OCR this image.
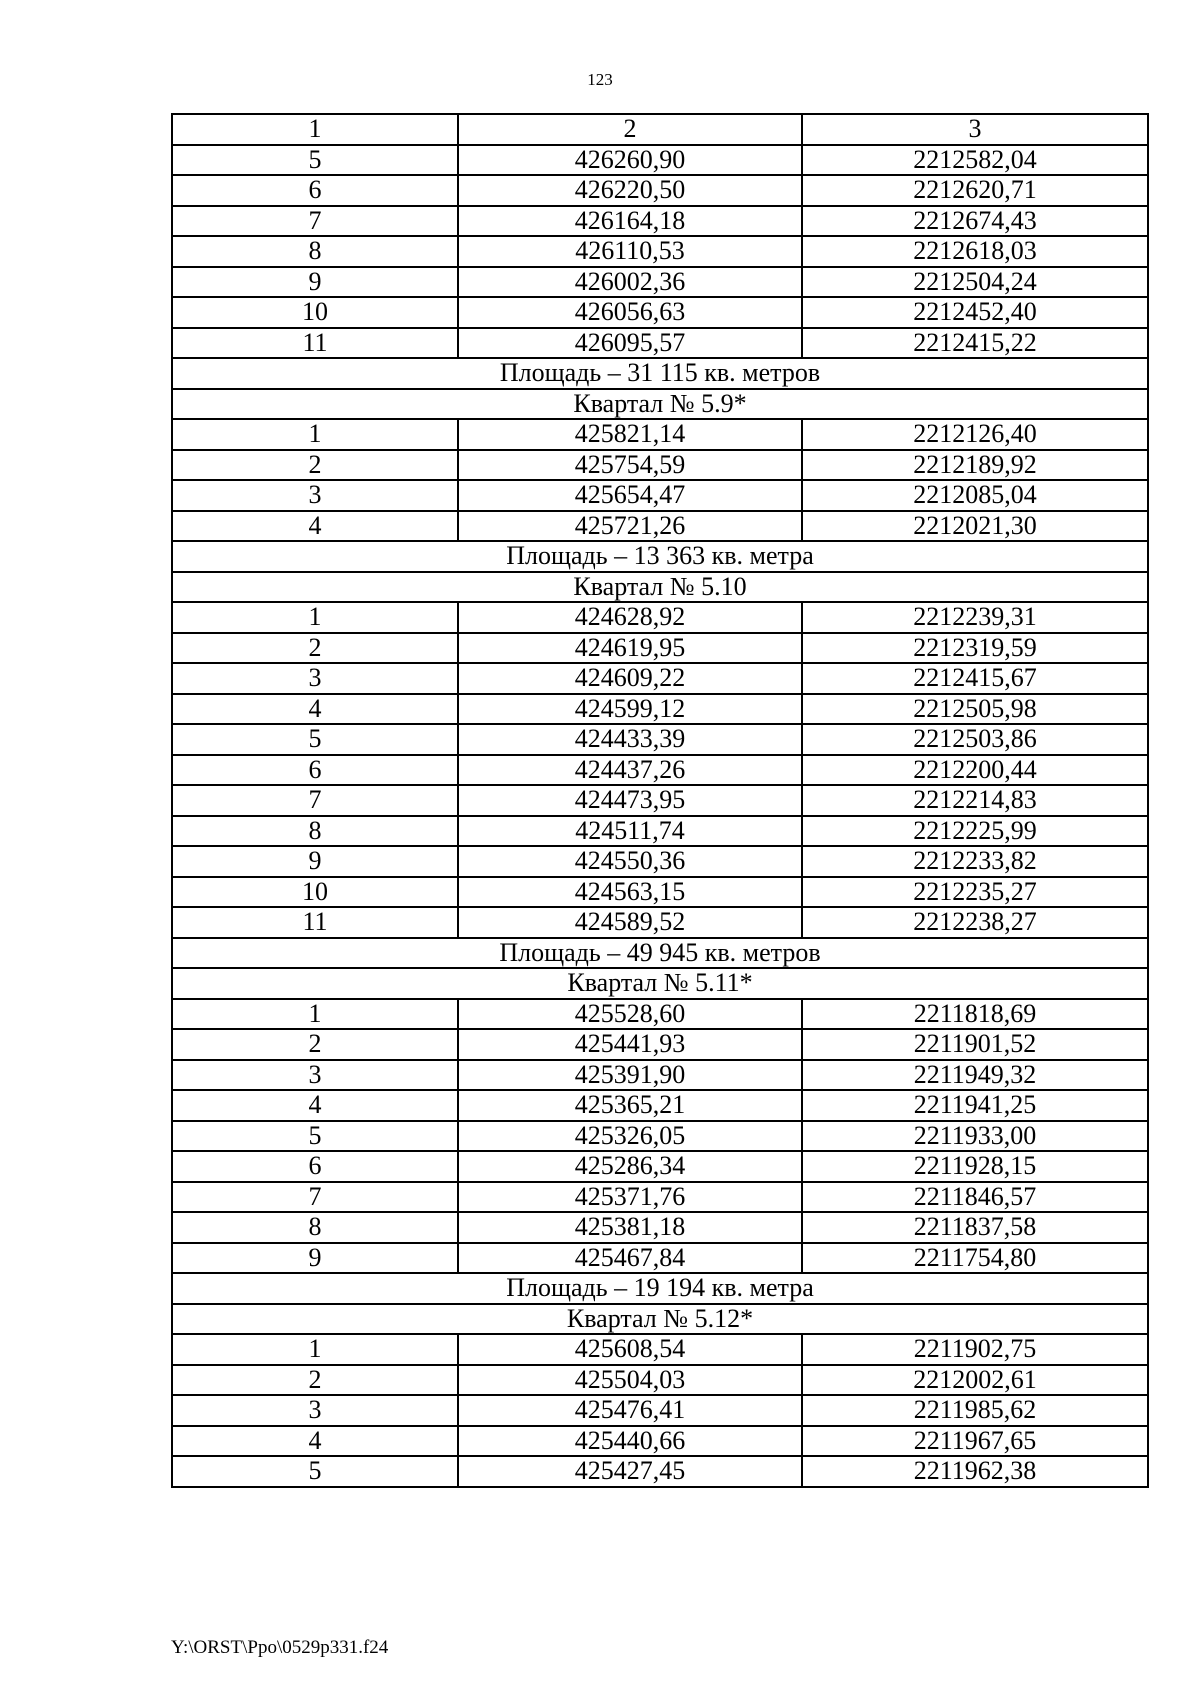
123
1	2	3
5	426260,90	2212582,04
6	426220,50	2212620,71
7	426164,18	2212674,43
8	426110,53	2212618,03
9	426002,36	2212504,24
10	426056,63	2212452,40
11	426095,57	2212415,22
Площадь – 31 115 кв. метров		
Квартал № 5.9*		
1	425821,14	2212126,40
2	425754,59	2212189,92
3	425654,47	2212085,04
4	425721,26	2212021,30
Площадь – 13 363 кв. метра		
Квартал № 5.10		
1	424628,92	2212239,31
2	424619,95	2212319,59
3	424609,22	2212415,67
4	424599,12	2212505,98
5	424433,39	2212503,86
6	424437,26	2212200,44
7	424473,95	2212214,83
8	424511,74	2212225,99
9	424550,36	2212233,82
10	424563,15	2212235,27
11	424589,52	2212238,27
Площадь – 49 945 кв. метров		
Квартал № 5.11*		
1	425528,60	2211818,69
2	425441,93	2211901,52
3	425391,90	2211949,32
4	425365,21	2211941,25
5	425326,05	2211933,00
6	425286,34	2211928,15
7	425371,76	2211846,57
8	425381,18	2211837,58
9	425467,84	2211754,80
Площадь – 19 194 кв. метра		
Квартал № 5.12*		
1	425608,54	2211902,75
2	425504,03	2212002,61
3	425476,41	2211985,62
4	425440,66	2211967,65
5	425427,45	2211962,38
Y:\ORST\Ppo\0529p331.f24
